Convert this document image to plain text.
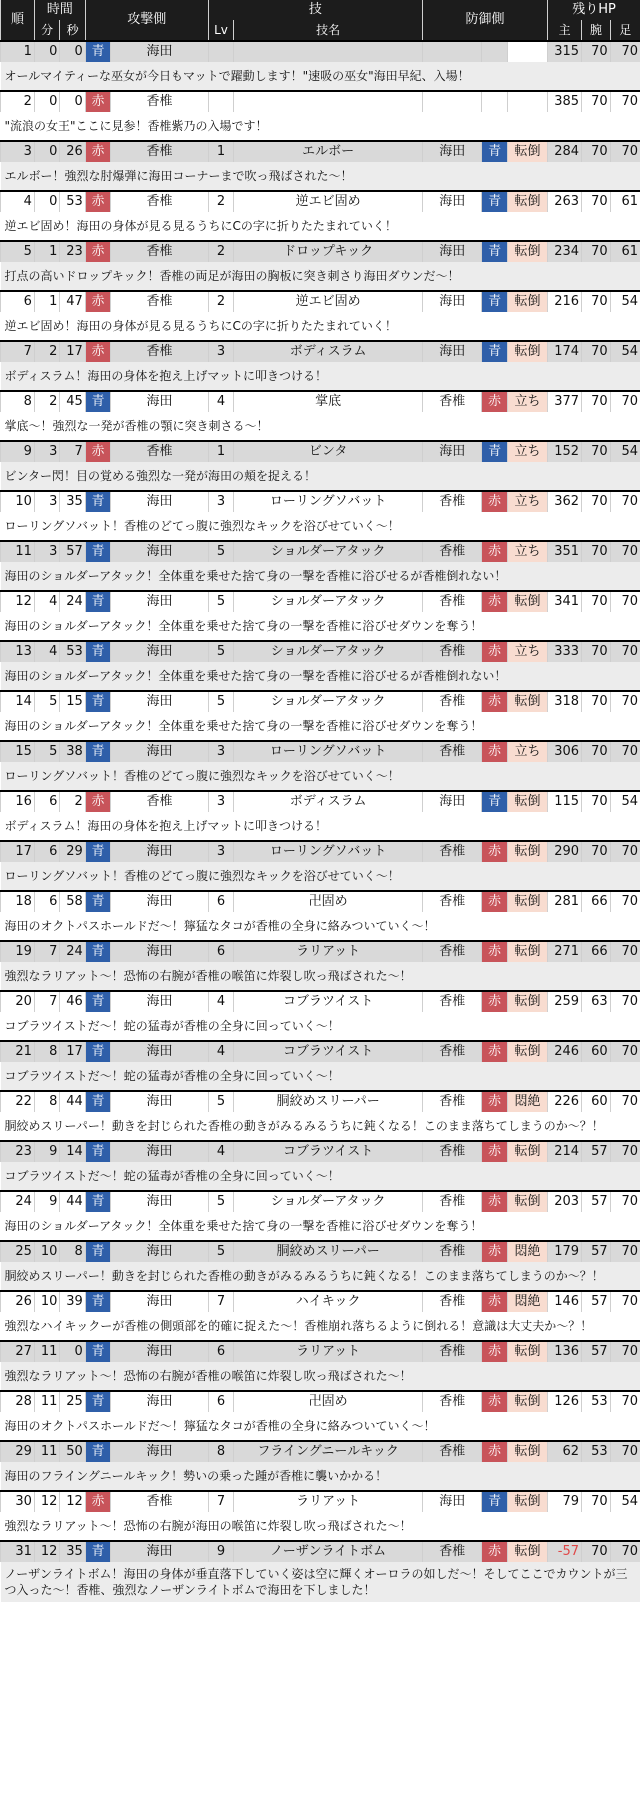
順	時間		攻撃側		技		防御側			残りHP		
	分	秒			Lv	技名				主	腕	足
1	0	0	青	海田						315	70	70
オールマイティーな巫女が今日もマットで躍動します！"速吸の巫女"海田早紀、入場！												
2	0	0	赤	香椎						385	70	70
"流浪の女王"ここに見参！香椎紫乃の入場です！												
3	0	26	赤	香椎	1	エルボー	海田	青	転倒	284	70	70
エルボー！強烈な肘爆弾に海田コーナーまで吹っ飛ばされた～！												
4	0	53	赤	香椎	2	逆エビ固め	海田	青	転倒	263	70	61
逆エビ固め！海田の身体が見る見るうちにCの字に折りたたまれていく！												
5	1	23	赤	香椎	2	ドロップキック	海田	青	転倒	234	70	61
打点の高いドロップキック！香椎の両足が海田の胸板に突き刺さり海田ダウンだ～！												
6	1	47	赤	香椎	2	逆エビ固め	海田	青	転倒	216	70	54
逆エビ固め！海田の身体が見る見るうちにCの字に折りたたまれていく！												
7	2	17	赤	香椎	3	ボディスラム	海田	青	転倒	174	70	54
ボディスラム！海田の身体を抱え上げマットに叩きつける！												
8	2	45	青	海田	4	掌底	香椎	赤	立ち	377	70	70
掌底～！強烈な一発が香椎の顎に突き刺さる～！												
9	3	7	赤	香椎	1	ビンタ	海田	青	立ち	152	70	54
ビンター閃！目の覚める強烈な一発が海田の頬を捉える！												
10	3	35	青	海田	3	ローリングソバット	香椎	赤	立ち	362	70	70
ローリングソバット！香椎のどてっ腹に強烈なキックを浴びせていく～！												
11	3	57	青	海田	5	ショルダーアタック	香椎	赤	立ち	351	70	70
海田のショルダーアタック！全体重を乗せた捨て身の一撃を香椎に浴びせるが香椎倒れない！												
12	4	24	青	海田	5	ショルダーアタック	香椎	赤	転倒	341	70	70
海田のショルダーアタック！全体重を乗せた捨て身の一撃を香椎に浴びせダウンを奪う！												
13	4	53	青	海田	5	ショルダーアタック	香椎	赤	立ち	333	70	70
海田のショルダーアタック！全体重を乗せた捨て身の一撃を香椎に浴びせるが香椎倒れない！												
14	5	15	青	海田	5	ショルダーアタック	香椎	赤	転倒	318	70	70
海田のショルダーアタック！全体重を乗せた捨て身の一撃を香椎に浴びせダウンを奪う！												
15	5	38	青	海田	3	ローリングソバット	香椎	赤	立ち	306	70	70
ローリングソバット！香椎のどてっ腹に強烈なキックを浴びせていく～！												
16	6	2	赤	香椎	3	ボディスラム	海田	青	転倒	115	70	54
ボディスラム！海田の身体を抱え上げマットに叩きつける！												
17	6	29	青	海田	3	ローリングソバット	香椎	赤	転倒	290	70	70
ローリングソバット！香椎のどてっ腹に強烈なキックを浴びせていく～！												
18	6	58	青	海田	6	卍固め	香椎	赤	転倒	281	66	70
海田のオクトパスホールドだ～！獰猛なタコが香椎の全身に絡みついていく～！												
19	7	24	青	海田	6	ラリアット	香椎	赤	転倒	271	66	70
強烈なラリアット～！恐怖の右腕が香椎の喉笛に炸裂し吹っ飛ばされた～！												
20	7	46	青	海田	4	コブラツイスト	香椎	赤	転倒	259	63	70
コブラツイストだ～！蛇の猛毒が香椎の全身に回っていく～！												
21	8	17	青	海田	4	コブラツイスト	香椎	赤	転倒	246	60	70
コブラツイストだ～！蛇の猛毒が香椎の全身に回っていく～！												
22	8	44	青	海田	5	胴絞めスリーパー	香椎	赤	悶絶	226	60	70
胴絞めスリーパー！動きを封じられた香椎の動きがみるみるうちに鈍くなる！このまま落ちてしまうのか～？！												
23	9	14	青	海田	4	コブラツイスト	香椎	赤	転倒	214	57	70
コブラツイストだ～！蛇の猛毒が香椎の全身に回っていく～！												
24	9	44	青	海田	5	ショルダーアタック	香椎	赤	転倒	203	57	70
海田のショルダーアタック！全体重を乗せた捨て身の一撃を香椎に浴びせダウンを奪う！												
25	10	8	青	海田	5	胴絞めスリーパー	香椎	赤	悶絶	179	57	70
胴絞めスリーパー！動きを封じられた香椎の動きがみるみるうちに鈍くなる！このまま落ちてしまうのか～？！												
26	10	39	青	海田	7	ハイキック	香椎	赤	悶絶	146	57	70
強烈なハイキックーが香椎の側頭部を的確に捉えた～！香椎崩れ落ちるように倒れる！意識は大丈夫か～？！												
27	11	0	青	海田	6	ラリアット	香椎	赤	転倒	136	57	70
強烈なラリアット～！恐怖の右腕が香椎の喉笛に炸裂し吹っ飛ばされた～！												
28	11	25	青	海田	6	卍固め	香椎	赤	転倒	126	53	70
海田のオクトパスホールドだ～！獰猛なタコが香椎の全身に絡みついていく～！												
29	11	50	青	海田	8	フライングニールキック	香椎	赤	転倒	62	53	70
海田のフライングニールキック！勢いの乗った踵が香椎に襲いかかる！												
30	12	12	赤	香椎	7	ラリアット	海田	青	転倒	79	70	54
強烈なラリアット～！恐怖の右腕が海田の喉笛に炸裂し吹っ飛ばされた～！												
31	12	35	青	海田	9	ノーザンライトボム	香椎	赤	転倒	-57	70	70
ノーザンライトボム！海田の身体が垂直落下していく姿は空に輝くオーロラの如しだ～！そしてここでカウントが三つ入った～！香椎、強烈なノーザンライトボムで海田を下しました！												
